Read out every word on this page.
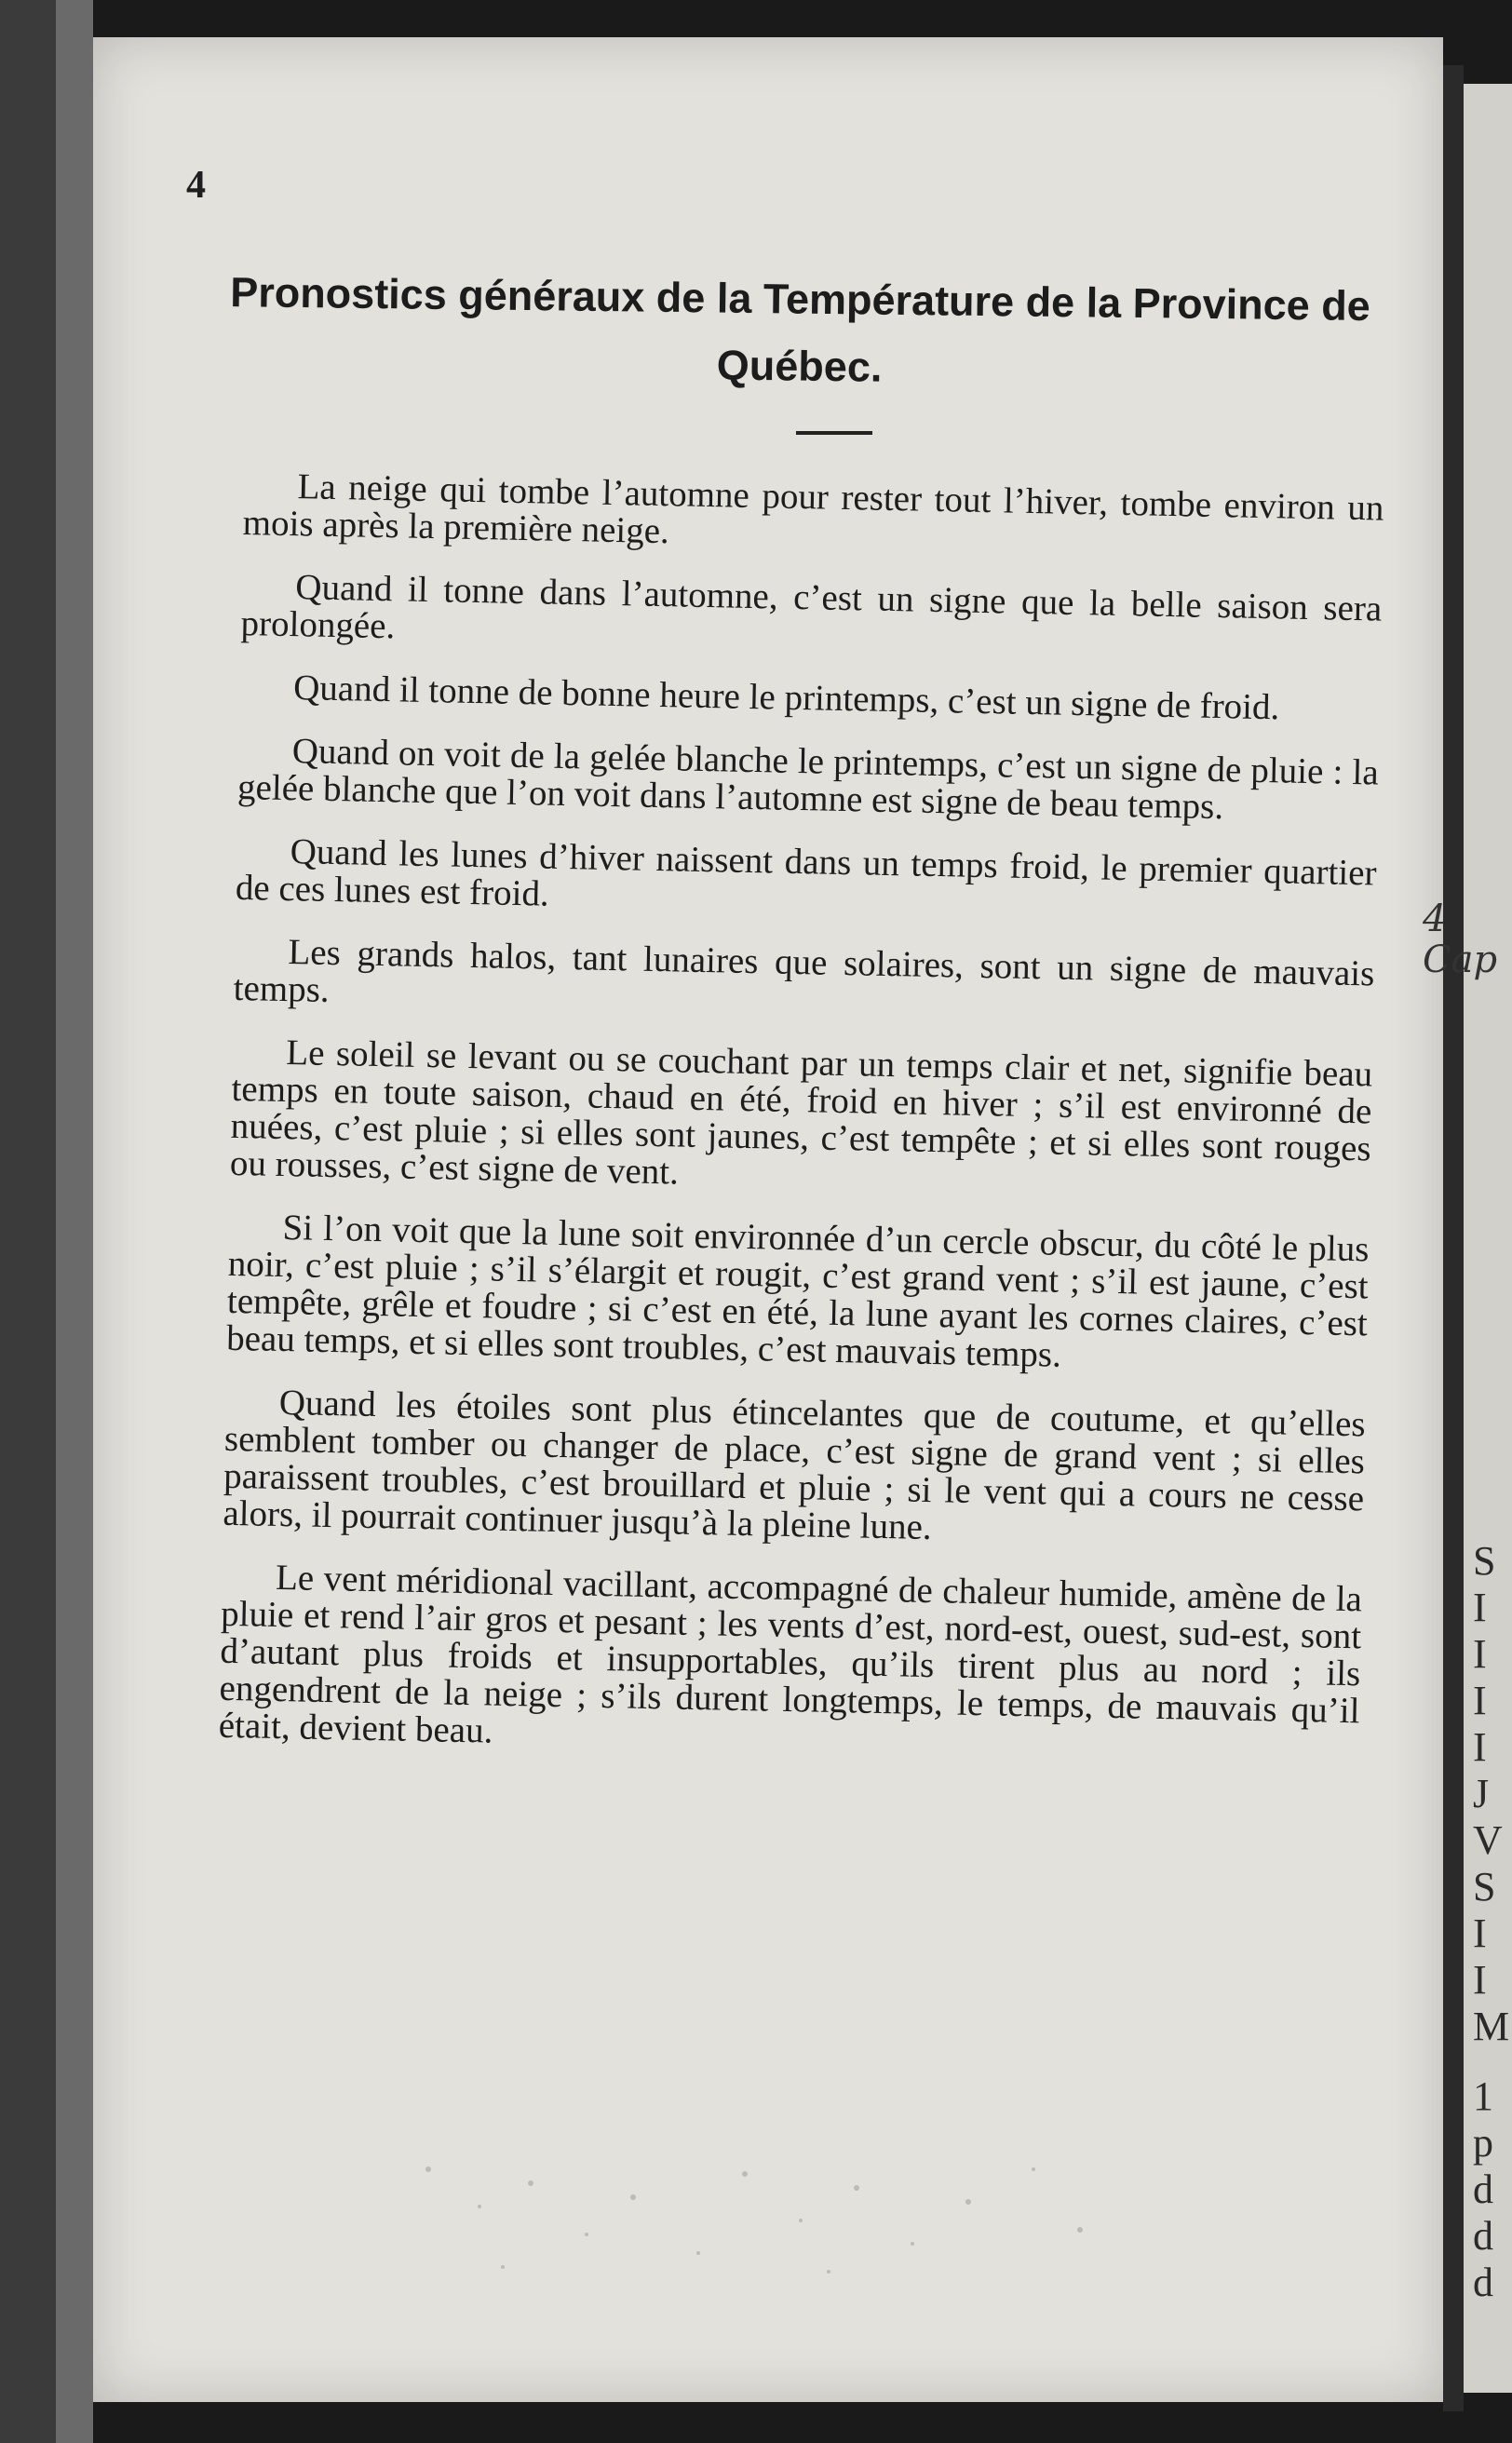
4
Pronostics généraux de la Température de la Province de Québec.

La neige qui tombe l’automne pour rester tout l’hiver, tombe environ un mois après la première neige.

Quand il tonne dans l’automne, c’est un signe que la belle saison sera prolongée.

Quand il tonne de bonne heure le printemps, c’est un signe de froid.

Quand on voit de la gelée blanche le printemps, c’est un signe de pluie : la gelée blanche que l’on voit dans l’automne est signe de beau temps.

Quand les lunes d’hiver naissent dans un temps froid, le premier quartier de ces lunes est froid.

Les grands halos, tant lunaires que solaires, sont un signe de mauvais temps.

Le soleil se levant ou se couchant par un temps clair et net, signifie beau temps en toute saison, chaud en été, froid en hiver ; s’il est environné de nuées, c’est pluie ; si elles sont jaunes, c’est tempête ; et si elles sont rouges ou rousses, c’est signe de vent.

Si l’on voit que la lune soit environnée d’un cercle obscur, du côté le plus noir, c’est pluie ; s’il s’élargit et rougit, c’est grand vent ; s’il est jaune, c’est tempête, grêle et foudre ; si c’est en été, la lune ayant les cornes claires, c’est beau temps, et si elles sont troubles, c’est mauvais temps.

Quand les étoiles sont plus étincelantes que de coutume, et qu’elles semblent tomber ou changer de place, c’est signe de grand vent ; si elles paraissent troubles, c’est brouillard et pluie ; si le vent qui a cours ne cesse alors, il pourrait continuer jusqu’à la pleine lune.

Le vent méridional vacillant, accompagné de chaleur humide, amène de la pluie et rend l’air gros et pesant ; les vents d’est, nord-est, ouest, sud-est, sont d’autant plus froids et insupportables, qu’ils tirent plus au nord ; ils engendrent de la neige ; s’ils durent longtemps, le temps, de mauvais qu’il était, devient beau.

S
I
I
I
I
J
V
S
I
I
M
1
p
d
d
d
4
Cap
